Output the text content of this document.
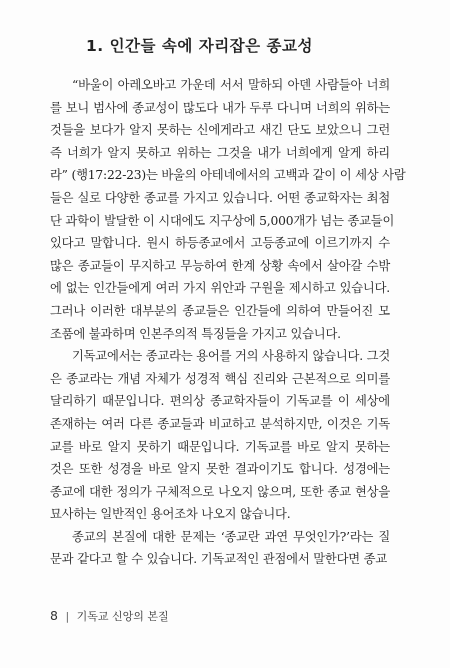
1. 인간들 속에 자리잡은 종교성
“바울이 아레오바고 가운데 서서 말하되 아덴 사람들아 너희
를 보니 범사에 종교성이 많도다 내가 두루 다니며 너희의 위하는
것들을 보다가 알지 못하는 신에게라고 새긴 단도 보았으니 그런
즉 너희가 알지 못하고 위하는 그것을 내가 너희에게 알게 하리
라” (행17:22-23)는 바울의 아테네에서의 고백과 같이 이 세상 사람
들은 실로 다양한 종교를 가지고 있습니다. 어떤 종교학자는 최첨
단 과학이 발달한 이 시대에도 지구상에 5,000개가 넘는 종교들이
있다고 말합니다. 원시 하등종교에서 고등종교에 이르기까지 수
많은 종교들이 무지하고 무능하여 한계 상황 속에서 살아갈 수밖
에 없는 인간들에게 여러 가지 위안과 구원을 제시하고 있습니다.
그러나 이러한 대부분의 종교들은 인간들에 의하여 만들어진 모
조품에 불과하며 인본주의적 특징들을 가지고 있습니다.
기독교에서는 종교라는 용어를 거의 사용하지 않습니다. 그것
은 종교라는 개념 자체가 성경적 핵심 진리와 근본적으로 의미를
달리하기 때문입니다. 편의상 종교학자들이 기독교를 이 세상에
존재하는 여러 다른 종교들과 비교하고 분석하지만, 이것은 기독
교를 바로 알지 못하기 때문입니다. 기독교를 바로 알지 못하는
것은 또한 성경을 바로 알지 못한 결과이기도 합니다. 성경에는
종교에 대한 정의가 구체적으로 나오지 않으며, 또한 종교 현상을
묘사하는 일반적인 용어조차 나오지 않습니다.
종교의 본질에 대한 문제는 ‘종교란 과연 무엇인가?’라는 질
문과 같다고 할 수 있습니다. 기독교적인 관점에서 말한다면 종교
8 | 기독교 신앙의 본질
